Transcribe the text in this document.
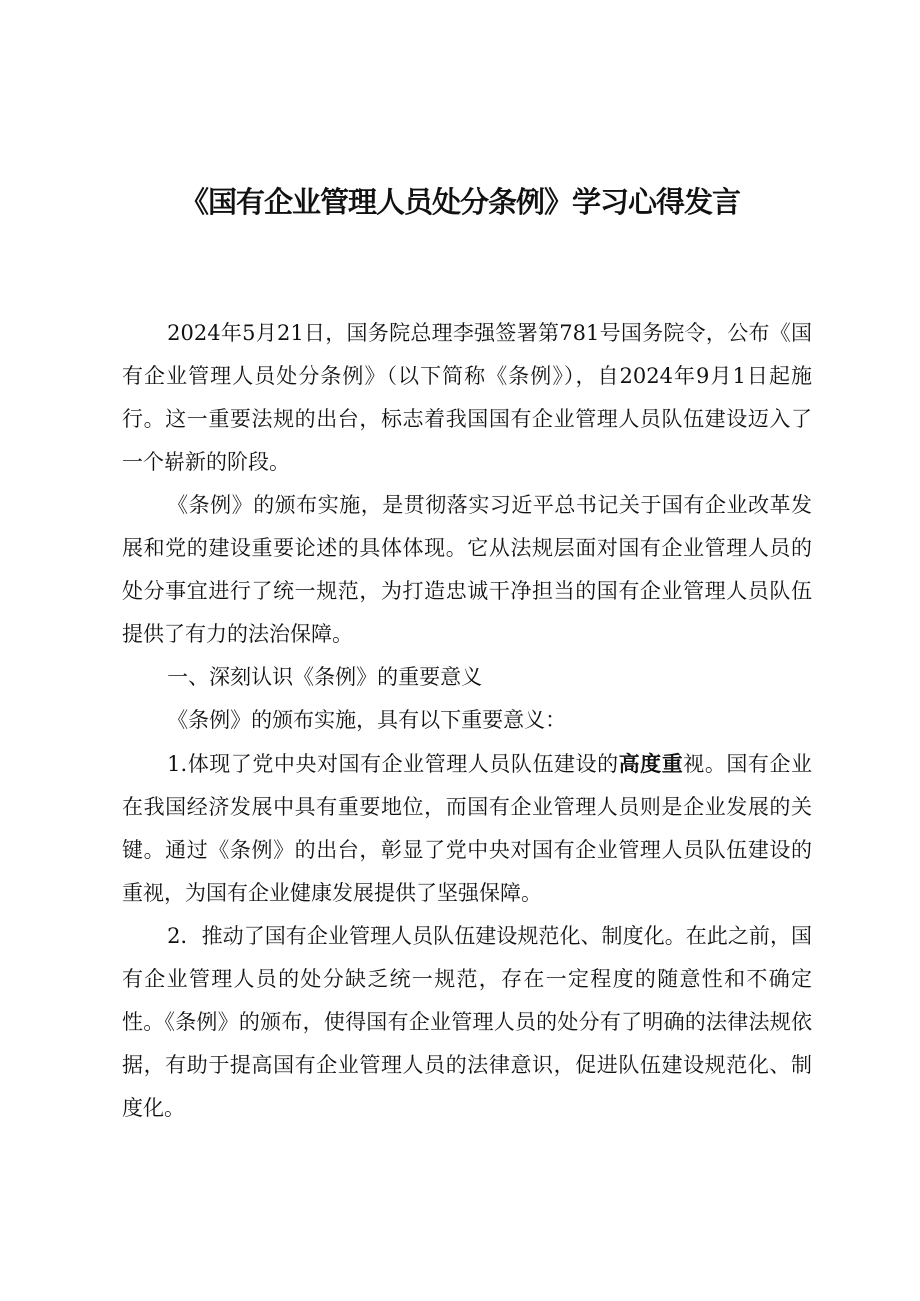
《国有企业管理人员处分条例》学习心得发言

2024年5月21日，国务院总理李强签署第781号国务院令，公布《国有企业管理人员处分条例》（以下简称《条例》），自2024年9月1日起施行。这一重要法规的出台，标志着我国国有企业管理人员队伍建设迈入了一个崭新的阶段。

《条例》的颁布实施，是贯彻落实习近平总书记关于国有企业改革发展和党的建设重要论述的具体体现。它从法规层面对国有企业管理人员的处分事宜进行了统一规范，为打造忠诚干净担当的国有企业管理人员队伍提供了有力的法治保障。

一、深刻认识《条例》的重要意义

《条例》的颁布实施，具有以下重要意义：

1.体现了党中央对国有企业管理人员队伍建设的高度重视。国有企业在我国经济发展中具有重要地位，而国有企业管理人员则是企业发展的关键。通过《条例》的出台，彰显了党中央对国有企业管理人员队伍建设的重视，为国有企业健康发展提供了坚强保障。

2．推动了国有企业管理人员队伍建设规范化、制度化。在此之前，国有企业管理人员的处分缺乏统一规范，存在一定程度的随意性和不确定性。《条例》的颁布，使得国有企业管理人员的处分有了明确的法律法规依据，有助于提高国有企业管理人员的法律意识，促进队伍建设规范化、制度化。
